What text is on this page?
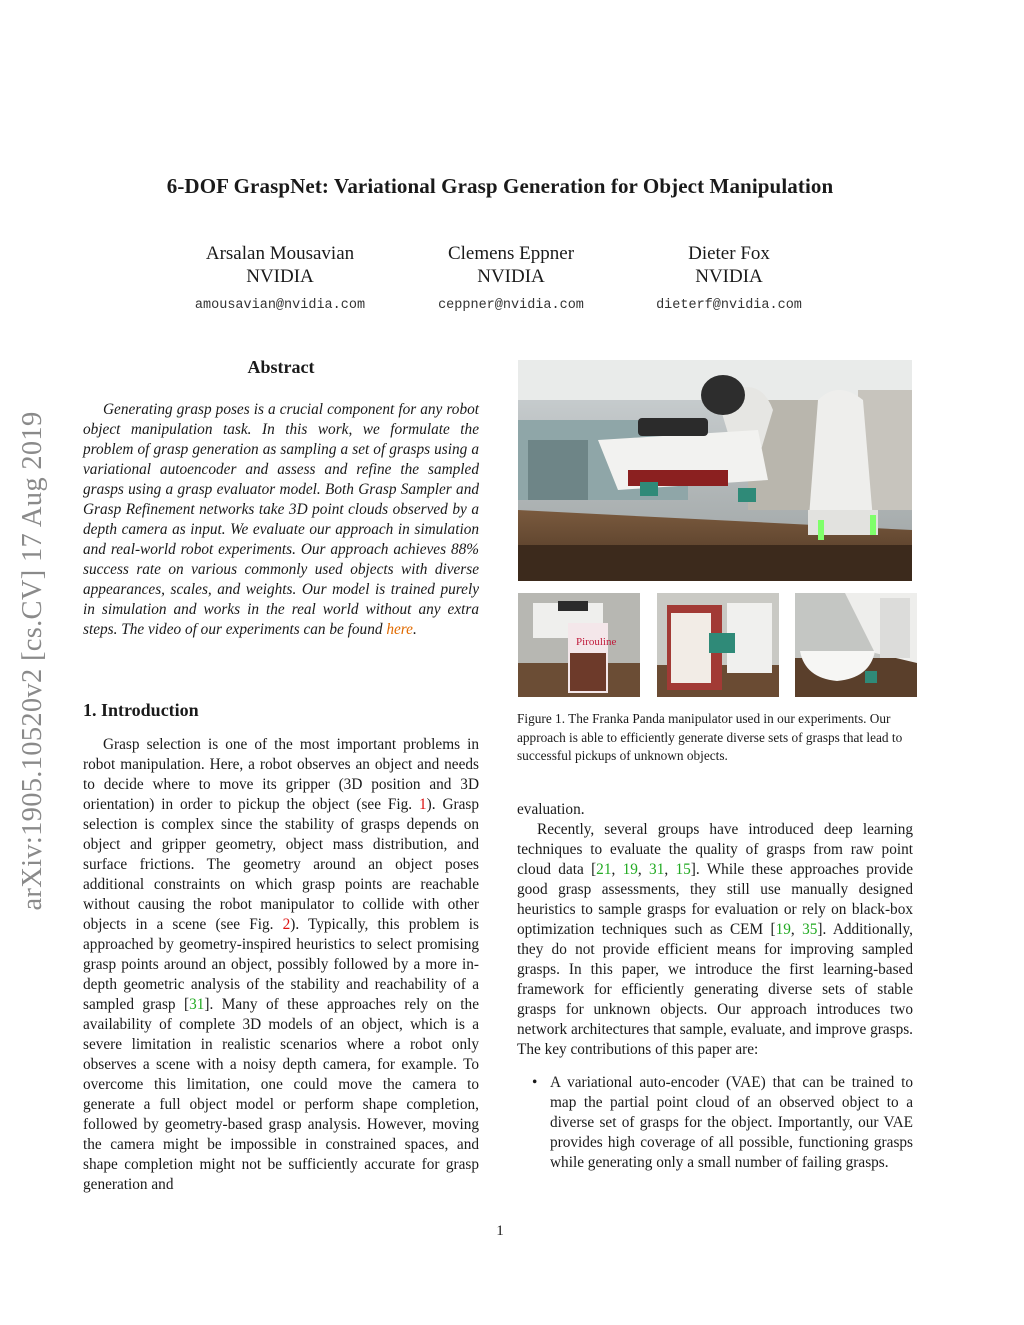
6-DOF GraspNet: Variational Grasp Generation for Object Manipulation
Arsalan Mousavian
NVIDIA
amousavian@nvidia.com
Clemens Eppner
NVIDIA
ceppner@nvidia.com
Dieter Fox
NVIDIA
dieterf@nvidia.com
arXiv:1905.10520v2 [cs.CV] 17 Aug 2019
Abstract
Generating grasp poses is a crucial component for any robot object manipulation task. In this work, we formulate the problem of grasp generation as sampling a set of grasps using a variational autoencoder and assess and refine the sampled grasps using a grasp evaluator model. Both Grasp Sampler and Grasp Refinement networks take 3D point clouds observed by a depth camera as input. We evaluate our approach in simulation and real-world robot experiments. Our approach achieves 88% success rate on various commonly used objects with diverse appearances, scales, and weights. Our model is trained purely in simulation and works in the real world without any extra steps. The video of our experiments can be found here.
1. Introduction
Grasp selection is one of the most important problems in robot manipulation. Here, a robot observes an object and needs to decide where to move its gripper (3D position and 3D orientation) in order to pickup the object (see Fig. 1). Grasp selection is complex since the stability of grasps depends on object and gripper geometry, object mass distribution, and surface frictions. The geometry around an object poses additional constraints on which grasp points are reachable without causing the robot manipulator to collide with other objects in a scene (see Fig. 2). Typically, this problem is approached by geometry-inspired heuristics to select promising grasp points around an object, possibly followed by a more in-depth geometric analysis of the stability and reachability of a sampled grasp [31]. Many of these approaches rely on the availability of complete 3D models of an object, which is a severe limitation in realistic scenarios where a robot only observes a scene with a noisy depth camera, for example. To overcome this limitation, one could move the camera to generate a full object model or perform shape completion, followed by geometry-based grasp analysis. However, moving the camera might be impossible in constrained spaces, and shape completion might not be sufficiently accurate for grasp generation and
Pirouline
Figure 1. The Franka Panda manipulator used in our experiments. Our approach is able to efficiently generate diverse sets of grasps that lead to successful pickups of unknown objects.

evaluation.

Recently, several groups have introduced deep learning techniques to evaluate the quality of grasps from raw point cloud data [21, 19, 31, 15]. While these approaches provide good grasp assessments, they still use manually designed heuristics to sample grasps for evaluation or rely on black-box optimization techniques such as CEM [19, 35]. Additionally, they do not provide efficient means for improving sampled grasps. In this paper, we introduce the first learning-based framework for efficiently generating diverse sets of stable grasps for unknown objects. Our approach introduces two network architectures that sample, evaluate, and improve grasps. The key contributions of this paper are:

• A variational auto-encoder (VAE) that can be trained to map the partial point cloud of an observed object to a diverse set of grasps for the object. Importantly, our VAE provides high coverage of all possible, functioning grasps while generating only a small number of failing grasps.
1
